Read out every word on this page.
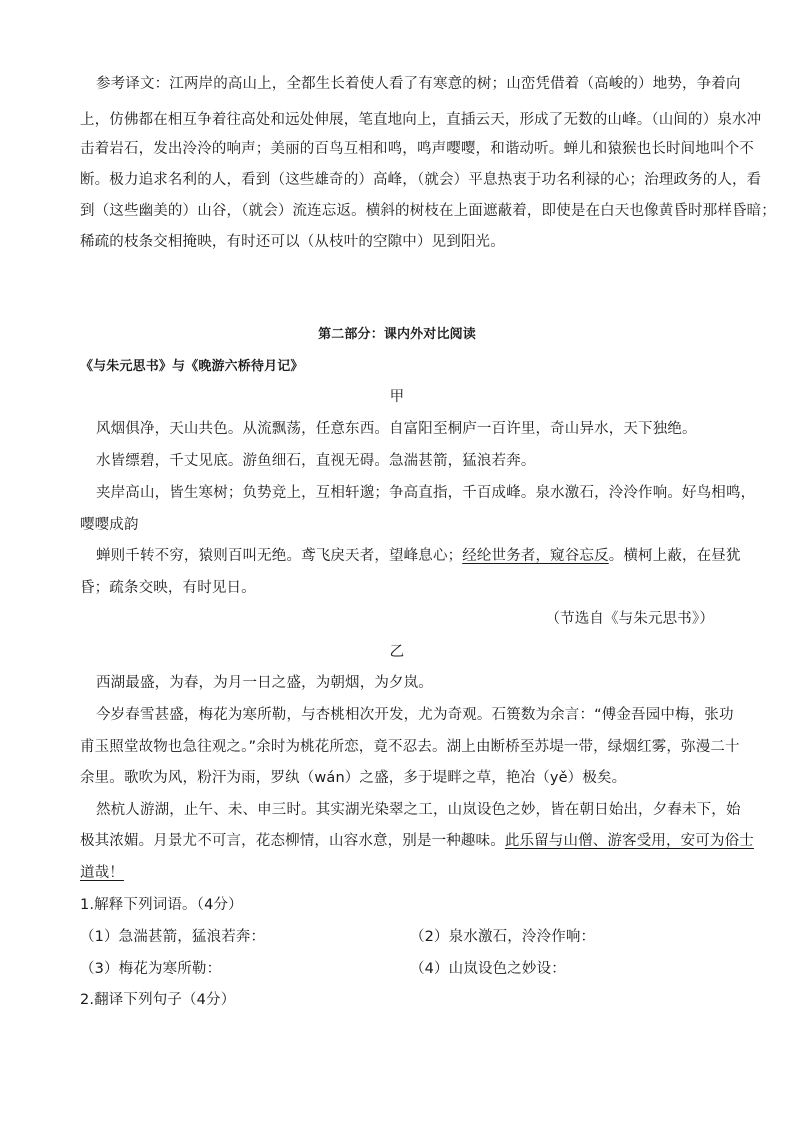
参考译文：江两岸的高山上，全都生长着使人看了有寒意的树；山峦凭借着（高峻的）地势，争着向
上，仿佛都在相互争着往高处和远处伸展，笔直地向上，直插云天，形成了无数的山峰。（山间的）泉水冲
击着岩石，发出泠泠的响声；美丽的百鸟互相和鸣，鸣声嘤嘤，和谐动听。蝉儿和猿猴也长时间地叫个不
断。极力追求名利的人，看到（这些雄奇的）高峰，（就会）平息热衷于功名利禄的心；治理政务的人，看
到（这些幽美的）山谷，（就会）流连忘返。横斜的树枝在上面遮蔽着，即使是在白天也像黄昏时那样昏暗；
稀疏的枝条交相掩映，有时还可以（从枝叶的空隙中）见到阳光。
第二部分：课内外对比阅读
《与朱元思书》与《晚游六桥待月记》
甲
风烟俱净，天山共色。从流飘荡，任意东西。自富阳至桐庐一百许里，奇山异水，天下独绝。
水皆缥碧，千丈见底。游鱼细石，直视无碍。急湍甚箭，猛浪若奔。
夹岸高山，皆生寒树；负势竞上，互相轩邈；争高直指，千百成峰。泉水激石，泠泠作响。好鸟相鸣，
嘤嘤成韵
蝉则千转不穷，猿则百叫无绝。鸢飞戾天者，望峰息心；经纶世务者，窥谷忘反。横柯上蔽，在昼犹
昏；疏条交映，有时见日。
（节选自《与朱元思书》）
乙
西湖最盛，为春，为月一日之盛，为朝烟，为夕岚。
今岁春雪甚盛，梅花为寒所勒，与杏桃相次开发，尤为奇观。石篑数为余言：“傅金吾园中梅，张功
甫玉照堂故物也急往观之。”余时为桃花所恋，竟不忍去。湖上由断桥至苏堤一带，绿烟红雾，弥漫二十
余里。歌吹为风，粉汗为雨，罗纨（wán）之盛，多于堤畔之草，艳冶（yě）极矣。
然杭人游湖，止午、未、申三时。其实湖光染翠之工，山岚设色之妙，皆在朝日始出，夕舂未下，始
极其浓媚。月景尤不可言，花态柳情，山容水意，别是一种趣味。此乐留与山僧、游客受用，安可为俗士
道哉！
1.解释下列词语。（4分）
（1）急湍甚箭，猛浪若奔：	（2）泉水激石，泠泠作响：
（3）梅花为寒所勒：	（4）山岚设色之妙设：
2.翻译下列句子（4分）
